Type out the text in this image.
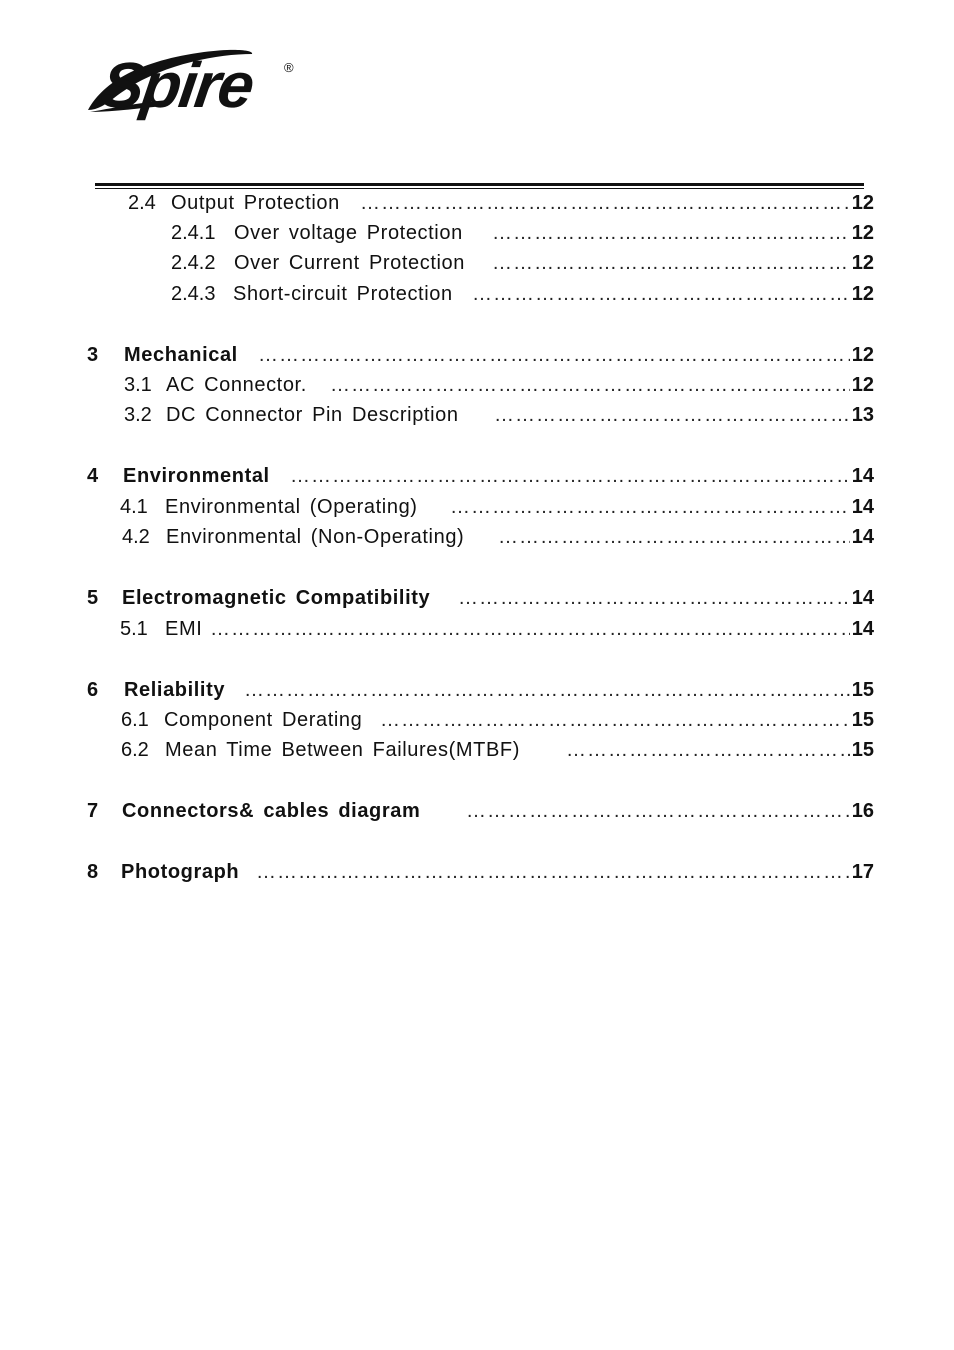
Spire ®
2.4 Output Protection ……………………………………………………………………………………………………………………………………………………………………	12
2.4.1 Over voltage Protection ……………………………………………………………………………………………………………………………………………………………………	12
2.4.2 Over Current Protection ……………………………………………………………………………………………………………………………………………………………………	12
2.4.3 Short-circuit Protection ……………………………………………………………………………………………………………………………………………………………………	12
3 Mechanical ……………………………………………………………………………………………………………………………………………………………………	12
3.1 AC Connector. ……………………………………………………………………………………………………………………………………………………………………	12
3.2 DC Connector Pin Description ……………………………………………………………………………………………………………………………………………………………………	13
4 Environmental ……………………………………………………………………………………………………………………………………………………………………	14
4.1 Environmental (Operating) ……………………………………………………………………………………………………………………………………………………………………	14
4.2 Environmental (Non-Operating) ……………………………………………………………………………………………………………………………………………………………………	14
5 Electromagnetic Compatibility ……………………………………………………………………………………………………………………………………………………………………	14
5.1 EMI ……………………………………………………………………………………………………………………………………………………………………	14
6 Reliability ……………………………………………………………………………………………………………………………………………………………………	15
6.1 Component Derating ……………………………………………………………………………………………………………………………………………………………………	15
6.2 Mean Time Between Failures(MTBF) ……………………………………………………………………………………………………………………………………………………………………	15
7 Connectors& cables diagram ……………………………………………………………………………………………………………………………………………………………………	16
8 Photograph ……………………………………………………………………………………………………………………………………………………………………	17
